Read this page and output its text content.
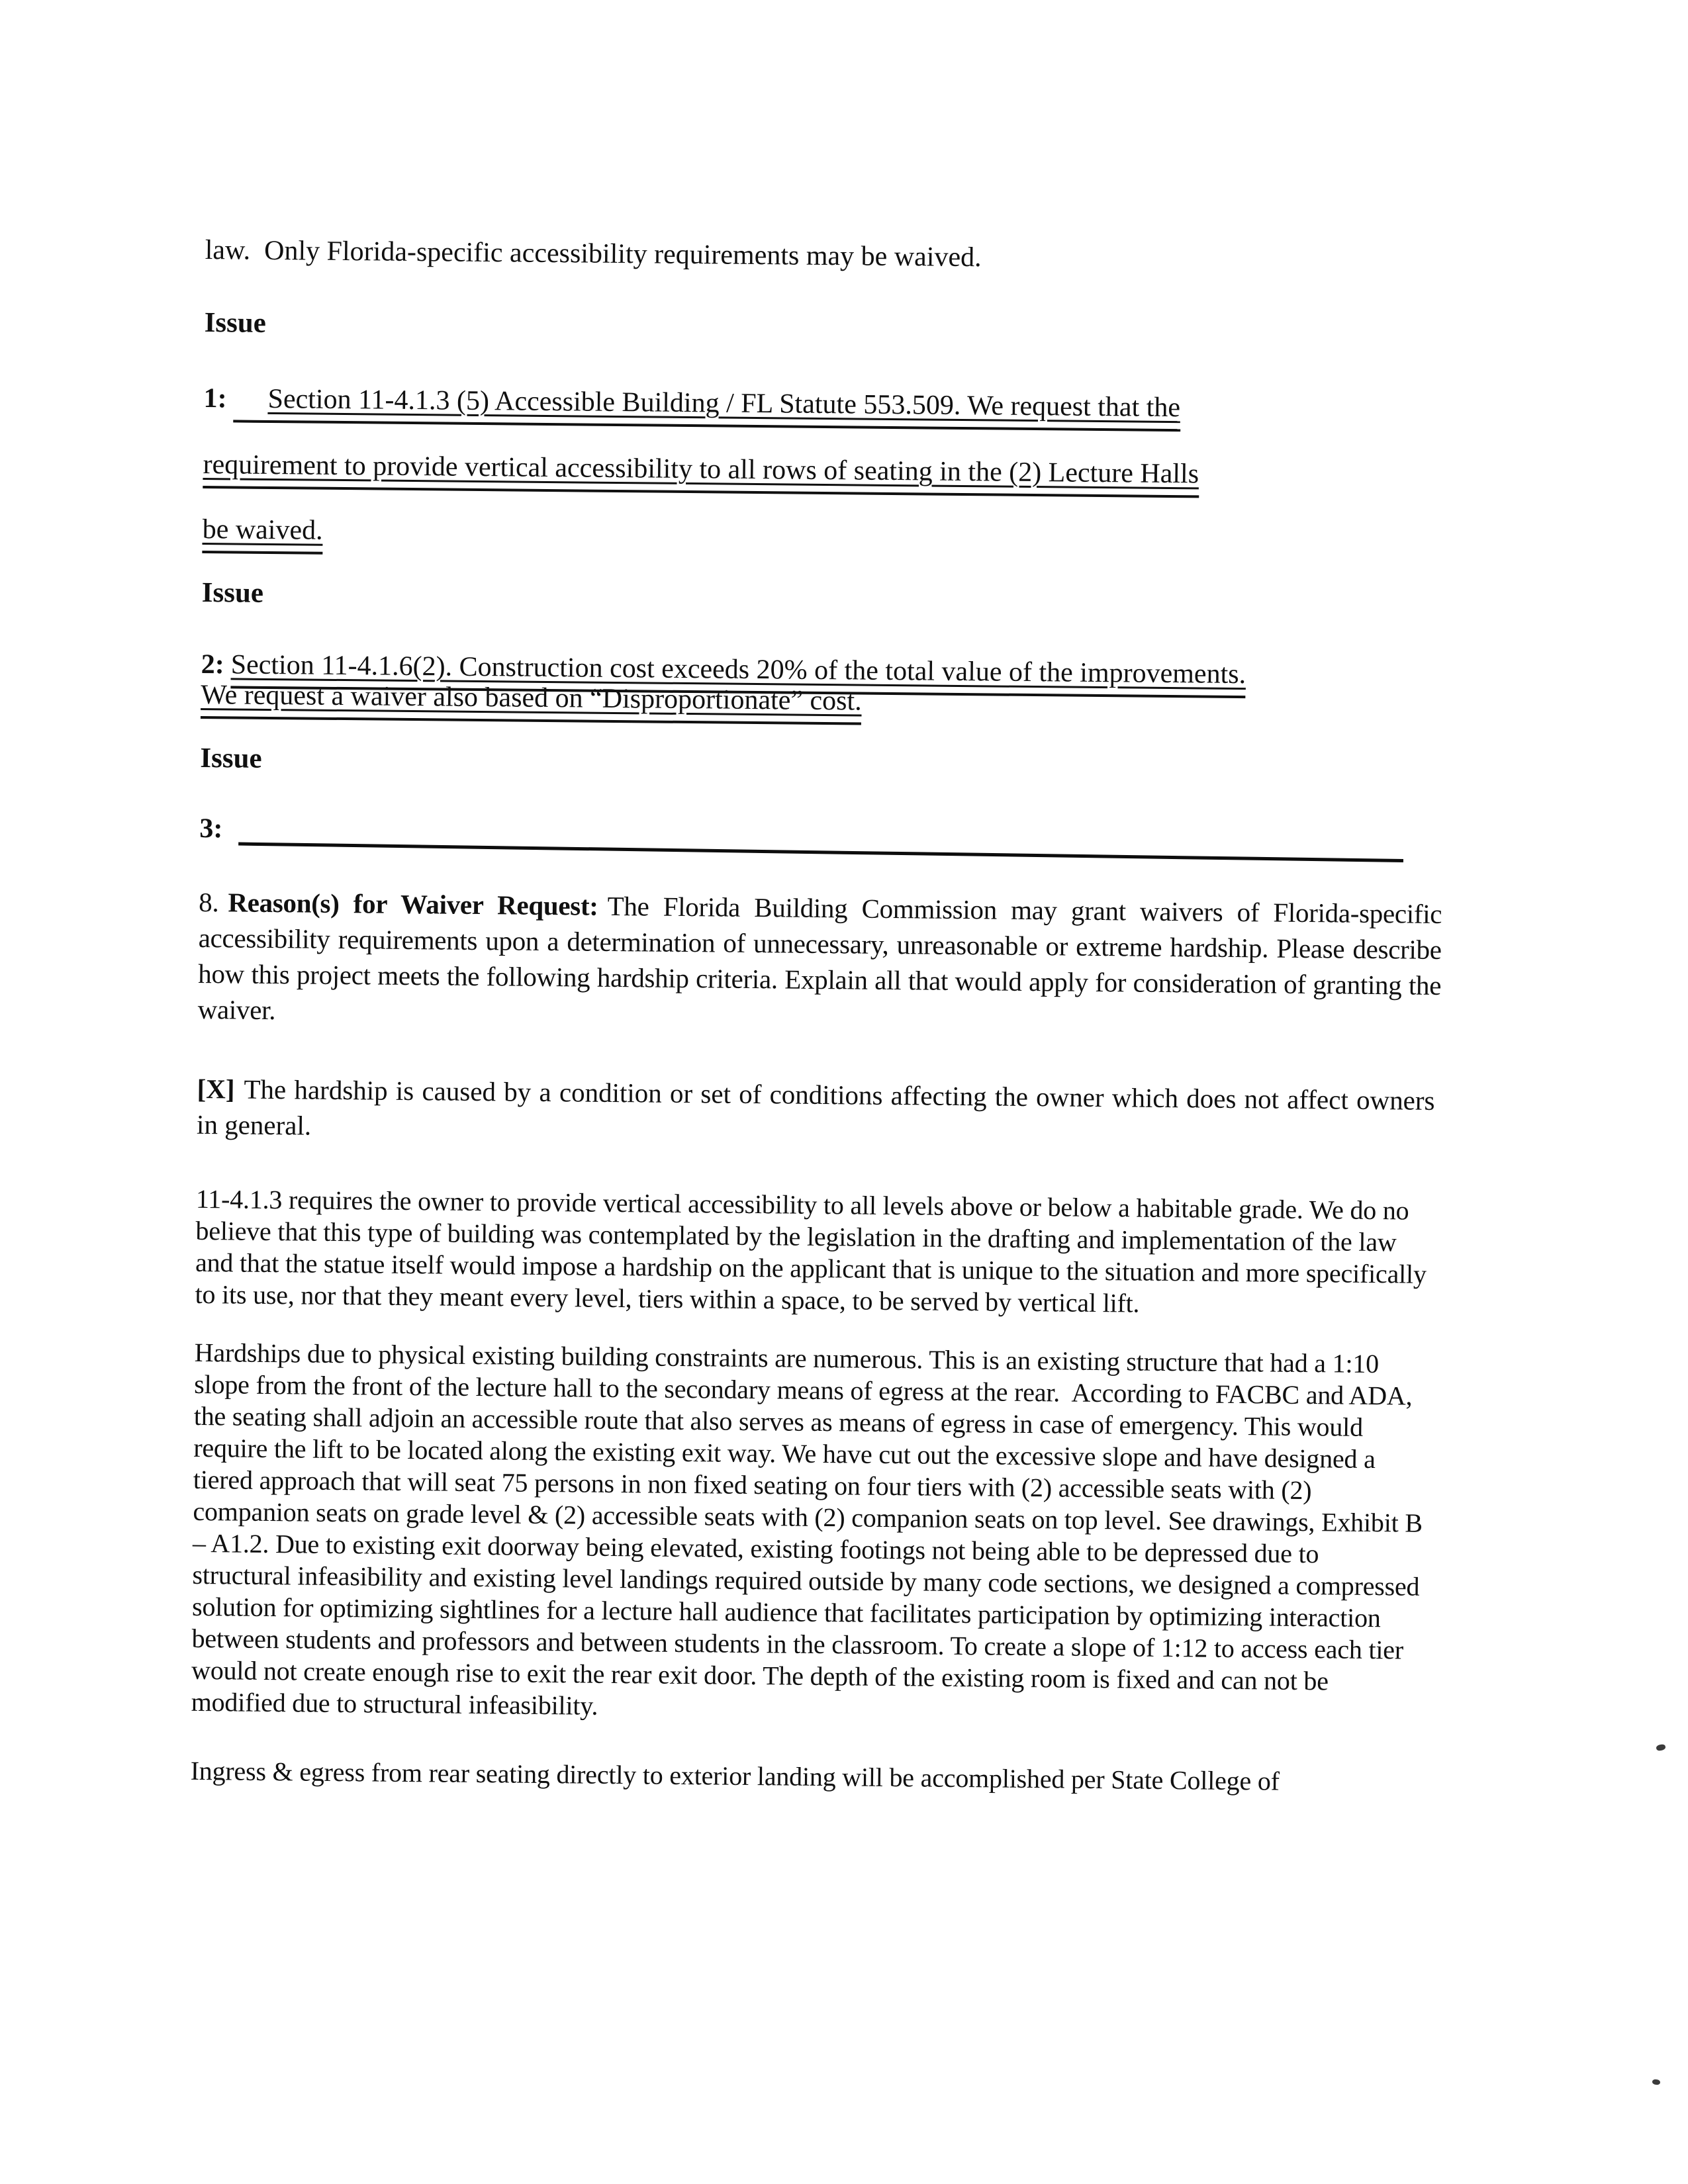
law.  Only Florida-specific accessibility requirements may be waived.

Issue

1: Section 11-4.1.3 (5) Accessible Building / FL Statute 553.509. We request that the

requirement to provide vertical accessibility to all rows of seating in the (2) Lecture Halls

be waived.

Issue

2: Section 11-4.1.6(2). Construction cost exceeds 20% of the total value of the improvements.

We request a waiver also based on “Disproportionate” cost.

Issue

3:

8. Reason(s) for Waiver Request: The Florida Building Commission may grant waivers of Florida-specific accessibility requirements upon a determination of unnecessary, unreasonable or extreme hardship. Please describe how this project meets the following hardship criteria. Explain all that would apply for consideration of granting the waiver.

[X] The hardship is caused by a condition or set of conditions affecting the owner which does not affect owners in general.

11-4.1.3 requires the owner to provide vertical accessibility to all levels above or below a habitable grade. We do no believe that this type of building was contemplated by the legislation in the drafting and implementation of the law and that the statue itself would impose a hardship on the applicant that is unique to the situation and more specifically to its use, nor that they meant every level, tiers within a space, to be served by vertical lift.

Hardships due to physical existing building constraints are numerous. This is an existing structure that had a 1:10 slope from the front of the lecture hall to the secondary means of egress at the rear.  According to FACBC and ADA, the seating shall adjoin an accessible route that also serves as means of egress in case of emergency. This would require the lift to be located along the existing exit way. We have cut out the excessive slope and have designed a tiered approach that will seat 75 persons in non fixed seating on four tiers with (2) accessible seats with (2) companion seats on grade level & (2) accessible seats with (2) companion seats on top level. See drawings, Exhibit B – A1.2. Due to existing exit doorway being elevated, existing footings not being able to be depressed due to structural infeasibility and existing level landings required outside by many code sections, we designed a compressed solution for optimizing sightlines for a lecture hall audience that facilitates participation by optimizing interaction between students and professors and between students in the classroom. To create a slope of 1:12 to access each tier would not create enough rise to exit the rear exit door. The depth of the existing room is fixed and can not be modified due to structural infeasibility.

Ingress & egress from rear seating directly to exterior landing will be accomplished per State College of
